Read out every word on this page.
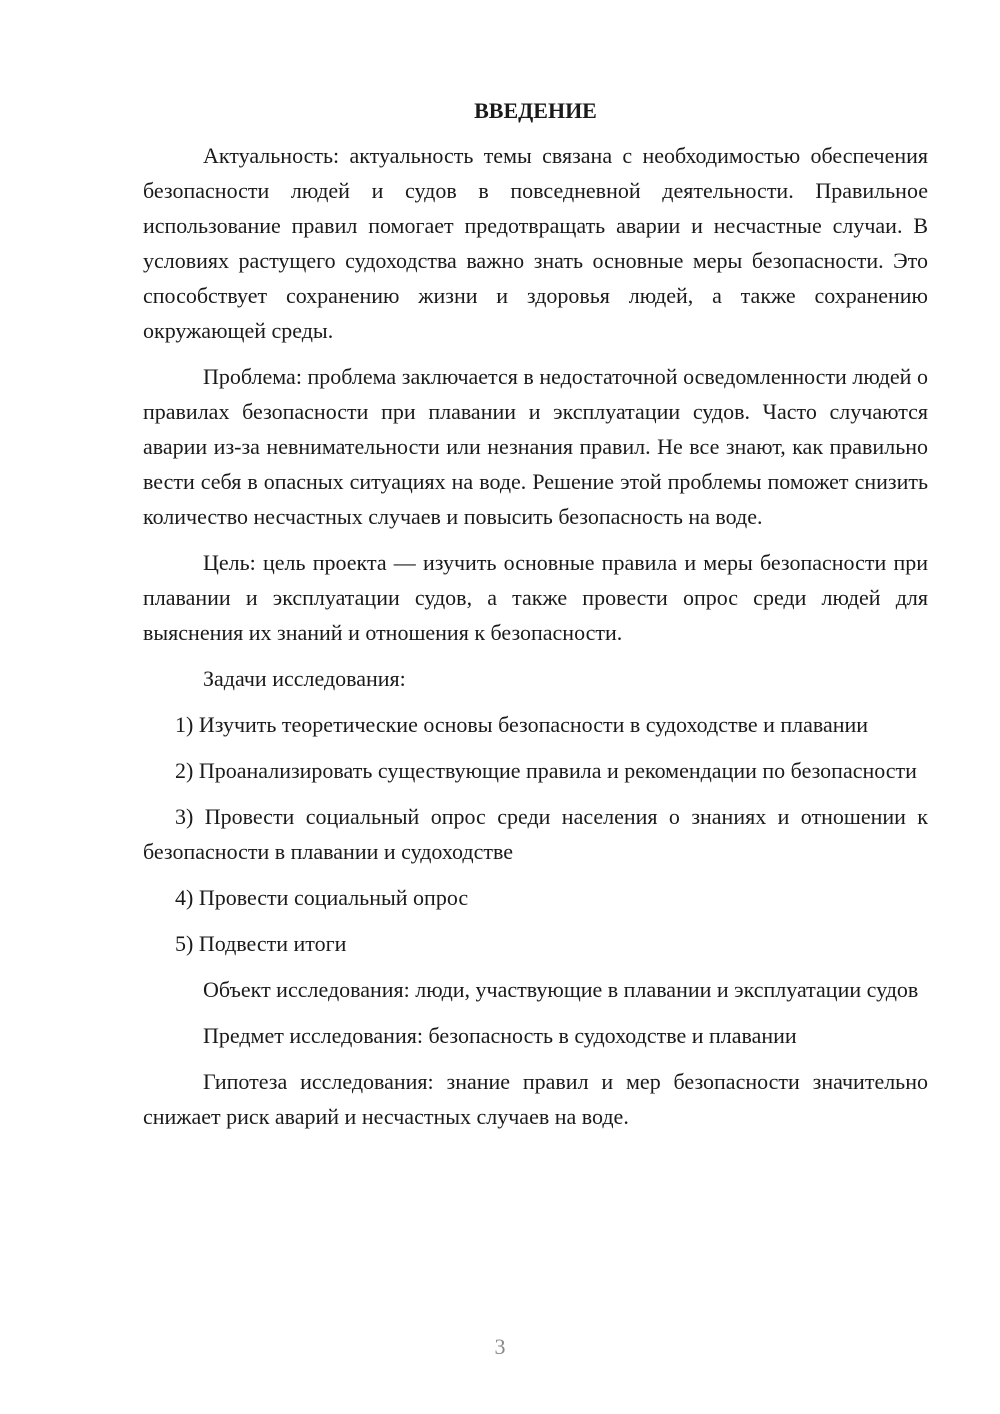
ВВЕДЕНИЕ

Актуальность: актуальность темы связана с необходимостью обеспечения безопасности людей и судов в повседневной деятельности. Правильное использование правил помогает предотвращать аварии и несчастные случаи. В условиях растущего судоходства важно знать основные меры безопасности. Это способствует сохранению жизни и здоровья людей, а также сохранению окружающей среды.

Проблема: проблема заключается в недостаточной осведомленности людей о правилах безопасности при плавании и эксплуатации судов. Часто случаются аварии из-за невнимательности или незнания правил. Не все знают, как правильно вести себя в опасных ситуациях на воде. Решение этой проблемы поможет снизить количество несчастных случаев и повысить безопасность на воде.

Цель: цель проекта — изучить основные правила и меры безопасности при плавании и эксплуатации судов, а также провести опрос среди людей для выяснения их знаний и отношения к безопасности.

Задачи исследования:

1) Изучить теоретические основы безопасности в судоходстве и плавании

2) Проанализировать существующие правила и рекомендации по безопасности

3) Провести социальный опрос среди населения о знаниях и отношении к безопасности в плавании и судоходстве

4) Провести социальный опрос

5) Подвести итоги

Объект исследования: люди, участвующие в плавании и эксплуатации судов

Предмет исследования: безопасность в судоходстве и плавании

Гипотеза исследования: знание правил и мер безопасности значительно снижает риск аварий и несчастных случаев на воде.

3
